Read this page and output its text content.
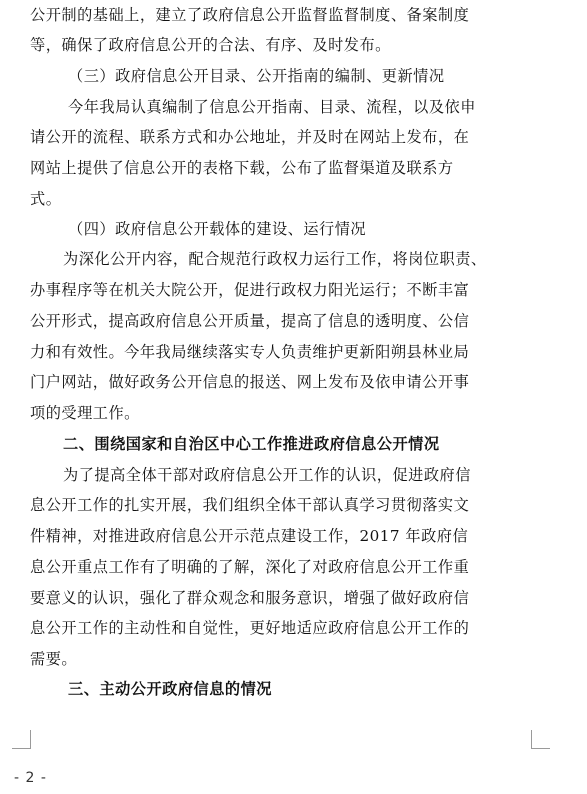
公开制的基础上，建立了政府信息公开监督监督制度、备案制度
等，确保了政府信息公开的合法、有序、及时发布。
（三）政府信息公开目录、公开指南的编制、更新情况
今年我局认真编制了信息公开指南、目录、流程，以及依申
请公开的流程、联系方式和办公地址，并及时在网站上发布，在
网站上提供了信息公开的表格下载，公布了监督渠道及联系方
式。
（四）政府信息公开载体的建设、运行情况
为深化公开内容，配合规范行政权力运行工作，将岗位职责、
办事程序等在机关大院公开，促进行政权力阳光运行；不断丰富
公开形式，提高政府信息公开质量，提高了信息的透明度、公信
力和有效性。今年我局继续落实专人负责维护更新阳朔县林业局
门户网站，做好政务公开信息的报送、网上发布及依申请公开事
项的受理工作。
二、围绕国家和自治区中心工作推进政府信息公开情况
为了提高全体干部对政府信息公开工作的认识，促进政府信
息公开工作的扎实开展，我们组织全体干部认真学习贯彻落实文
件精神，对推进政府信息公开示范点建设工作，2017 年政府信
息公开重点工作有了明确的了解，深化了对政府信息公开工作重
要意义的认识，强化了群众观念和服务意识，增强了做好政府信
息公开工作的主动性和自觉性，更好地适应政府信息公开工作的
需要。
三、主动公开政府信息的情况
- 2 -
